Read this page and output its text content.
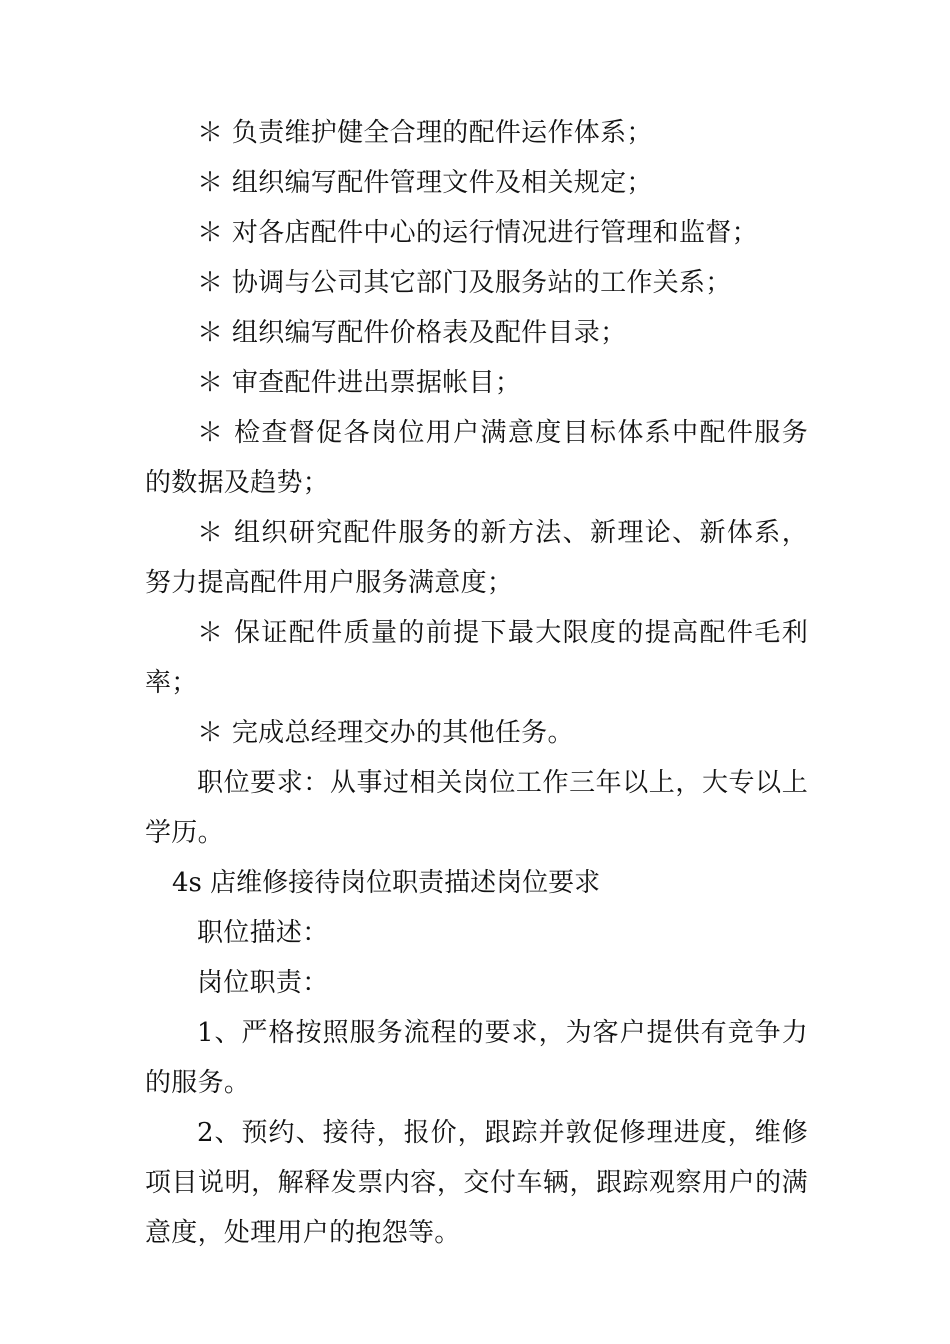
＊ 负责维护健全合理的配件运作体系；

＊ 组织编写配件管理文件及相关规定；

＊ 对各店配件中心的运行情况进行管理和监督；

＊ 协调与公司其它部门及服务站的工作关系；

＊ 组织编写配件价格表及配件目录；

＊ 审查配件进出票据帐目；

＊ 检查督促各岗位用户满意度目标体系中配件服务的数据及趋势；

＊ 组织研究配件服务的新方法、新理论、新体系，努力提高配件用户服务满意度；

＊ 保证配件质量的前提下最大限度的提高配件毛利率；

＊ 完成总经理交办的其他任务。

职位要求：从事过相关岗位工作三年以上，大专以上学历。

4s 店维修接待岗位职责描述岗位要求

职位描述：

岗位职责：

1、严格按照服务流程的要求，为客户提供有竞争力的服务。

2、预约、接待，报价，跟踪并敦促修理进度，维修项目说明，解释发票内容，交付车辆，跟踪观察用户的满意度，处理用户的抱怨等。
